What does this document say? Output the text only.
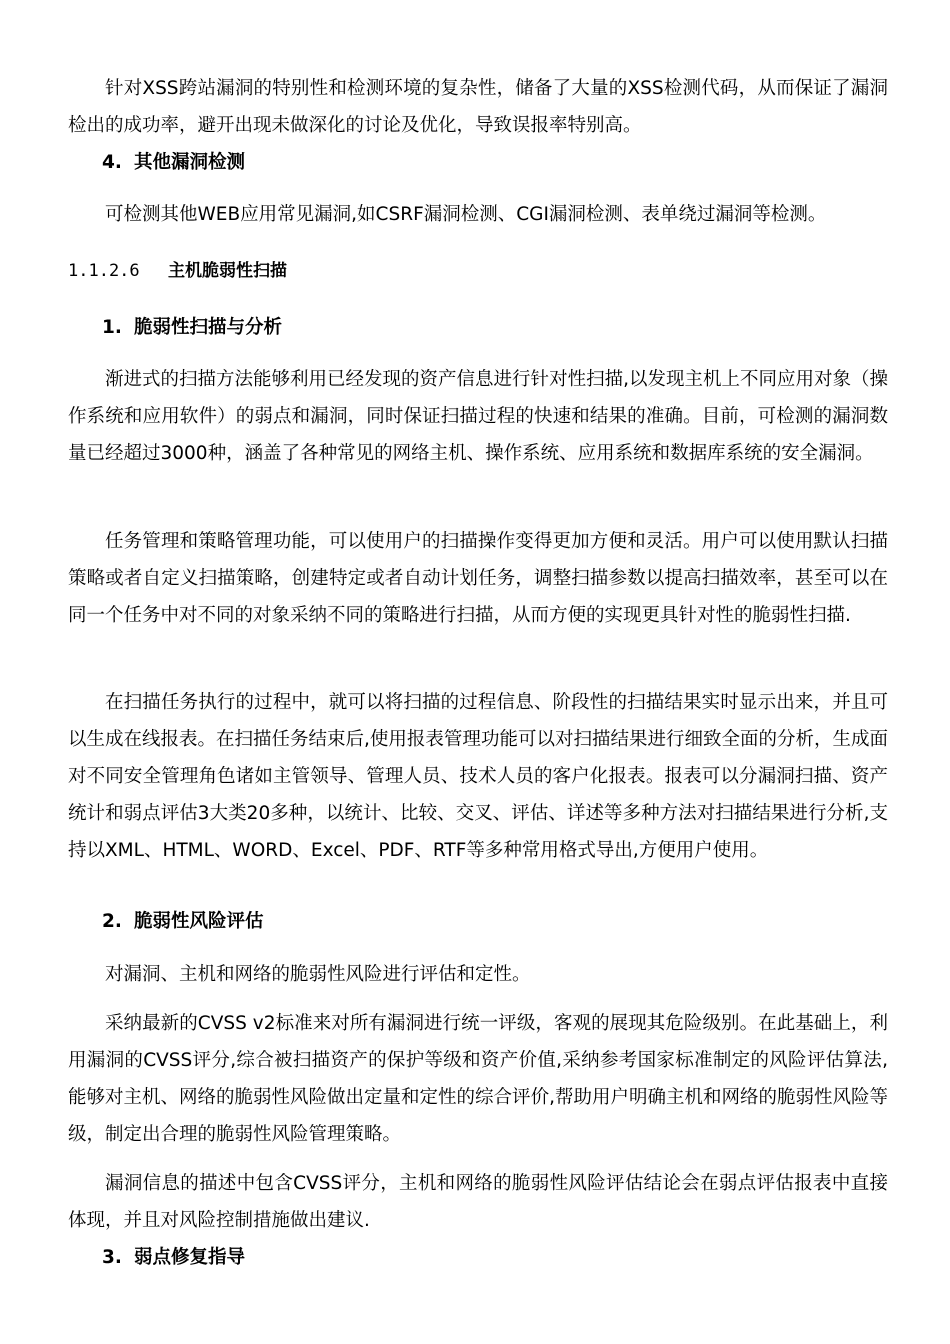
针对XSS跨站漏洞的特别性和检测环境的复杂性，储备了大量的XSS检测代码，从而保证了漏洞检出的成功率，避开出现未做深化的讨论及优化，导致误报率特别高。

4. 其他漏洞检测

可检测其他WEB应用常见漏洞,如CSRF漏洞检测、CGI漏洞检测、表单绕过漏洞等检测。

1.1.2.6 主机脆弱性扫描
1. 脆弱性扫描与分析

渐进式的扫描方法能够利用已经发现的资产信息进行针对性扫描,以发现主机上不同应用对象（操作系统和应用软件）的弱点和漏洞，同时保证扫描过程的快速和结果的准确。目前，可检测的漏洞数量已经超过3000种，涵盖了各种常见的网络主机、操作系统、应用系统和数据库系统的安全漏洞。

任务管理和策略管理功能，可以使用户的扫描操作变得更加方便和灵活。用户可以使用默认扫描策略或者自定义扫描策略，创建特定或者自动计划任务，调整扫描参数以提高扫描效率，甚至可以在同一个任务中对不同的对象采纳不同的策略进行扫描，从而方便的实现更具针对性的脆弱性扫描.

在扫描任务执行的过程中，就可以将扫描的过程信息、阶段性的扫描结果实时显示出来，并且可以生成在线报表。在扫描任务结束后,使用报表管理功能可以对扫描结果进行细致全面的分析，生成面对不同安全管理角色诸如主管领导、管理人员、技术人员的客户化报表。报表可以分漏洞扫描、资产统计和弱点评估3大类20多种，以统计、比较、交叉、评估、详述等多种方法对扫描结果进行分析,支持以XML、HTML、WORD、Excel、PDF、RTF等多种常用格式导出,方便用户使用。

2. 脆弱性风险评估

对漏洞、主机和网络的脆弱性风险进行评估和定性。

采纳最新的CVSS v2标准来对所有漏洞进行统一评级，客观的展现其危险级别。在此基础上，利用漏洞的CVSS评分,综合被扫描资产的保护等级和资产价值,采纳参考国家标准制定的风险评估算法,能够对主机、网络的脆弱性风险做出定量和定性的综合评价,帮助用户明确主机和网络的脆弱性风险等级，制定出合理的脆弱性风险管理策略。

漏洞信息的描述中包含CVSS评分，主机和网络的脆弱性风险评估结论会在弱点评估报表中直接体现，并且对风险控制措施做出建议.

3. 弱点修复指导
